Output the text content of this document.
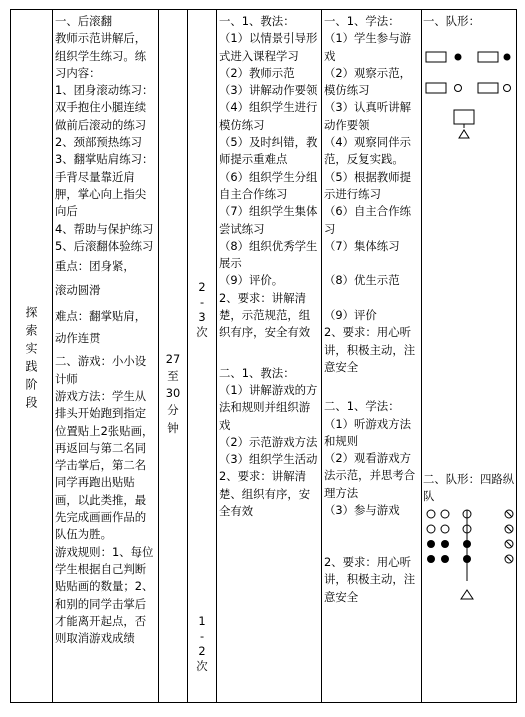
探索实践阶段
一、后滚翻
教师示范讲解后，组织学生练习。练习内容：
1、团身滚动练习：双手抱住小腿连续做前后滚动的练习
2、颈部预热练习
3、翻掌贴肩练习：手背尽量靠近肩胛，掌心向上指尖向后
4、帮助与保护练习
5、后滚翻体验练习
重点：团身紧，
滚动圆滑
难点：翻掌贴肩，
动作连贯
二、游戏：小小设计师
游戏方法：学生从排头开始跑到指定位置贴上2张贴画，再返回与第二名同学击掌后，第二名同学再跑出贴贴画，以此类推，最先完成画画作品的队伍为胜。
游戏规则：1、每位学生根据自己判断贴贴画的数量；2、和别的同学击掌后才能离开起点，否则取消游戏成绩

27
至
30
分
钟

2
-
3
次

1
-
2
次

一、1、教法：
（1）以情景引导形式进入课程学习
（2）教师示范
（3）讲解动作要领
（4）组织学生进行模仿练习
（5）及时纠错，教师提示重难点
（6）组织学生分组自主合作练习
（7）组织学生集体尝试练习
（8）组织优秀学生展示
（9）评价。
2、要求：讲解清楚，示范规范，组织有序，安全有效
二、1、教法：
（1）讲解游戏的方法和规则并组织游戏
（2）示范游戏方法
（3）组织学生活动
2、要求：讲解清楚、组织有序，安全有效
一、1、学法：
（1）学生参与游戏
（2）观察示范，模仿练习
（3）认真听讲解动作要领
（4）观察同伴示范，反复实践。
（5）根据教师提示进行练习
（6）自主合作练习
（7）集体练习

（8）优生示范

（9）评价
2、要求：用心听讲，积极主动，注意安全
二、1、学法：
（1）听游戏方法和规则
（2）观看游戏方法示范，并思考合理方法
（3）参与游戏

2、要求：用心听讲，积极主动，注意安全
一、队形：
二、队形：四路纵队
